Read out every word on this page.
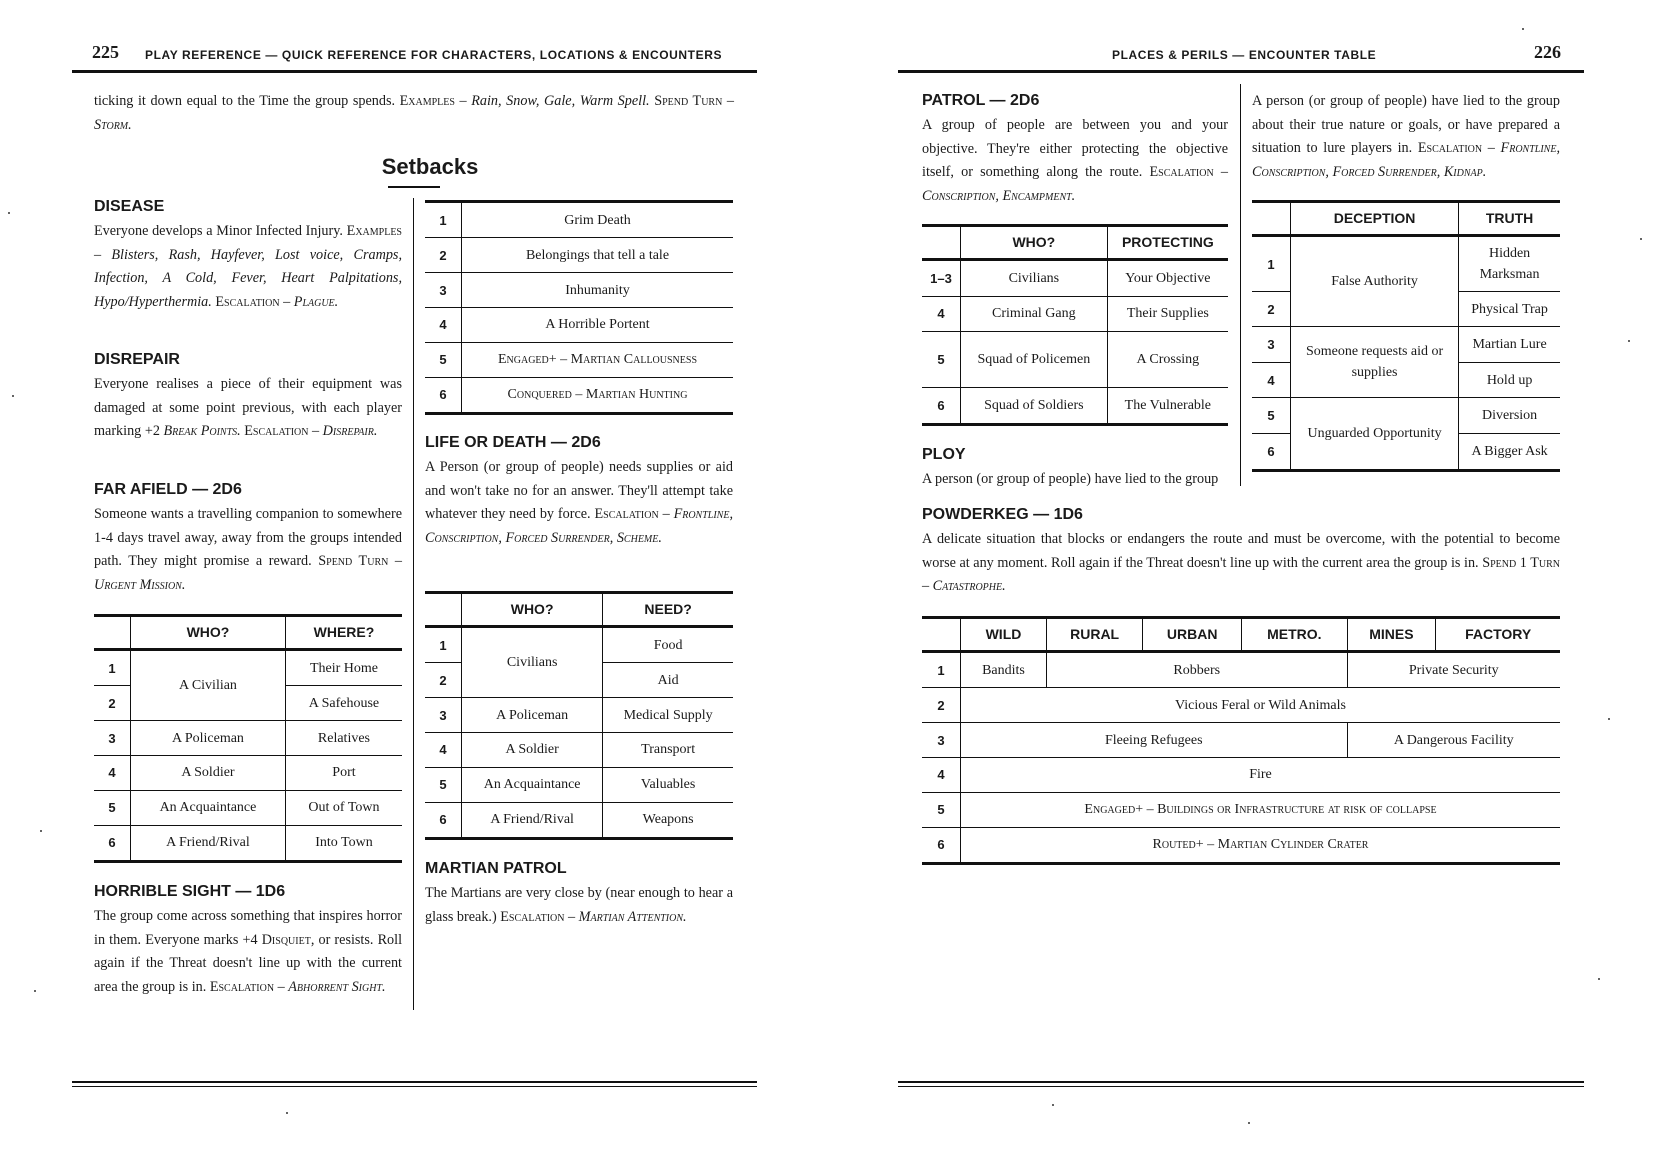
225 PLAY REFERENCE — QUICK REFERENCE FOR CHARACTERS, LOCATIONS & ENCOUNTERS
ticking it down equal to the Time the group spends. Examples – Rain, Snow, Gale, Warm Spell. Spend Turn – Storm.
Setbacks
DISEASE
Everyone develops a Minor Infected Injury. Examples – Blisters, Rash, Hayfever, Lost voice, Cramps, Infection, A Cold, Fever, Heart Palpitations, Hypo/Hyperthermia. Escalation – Plague.
DISREPAIR
Everyone realises a piece of their equipment was damaged at some point previous, with each player marking +2 Break Points. Escalation – Disrepair.
FAR AFIELD — 2D6
Someone wants a travelling companion to somewhere 1-4 days travel away, away from the groups intended path. They might promise a reward. Spend Turn – Urgent Mission.
	WHO?	WHERE?
1	A Civilian	Their Home
2		A Safehouse
3	A Policeman	Relatives
4	A Soldier	Port
5	An Acquaintance	Out of Town
6	A Friend/Rival	Into Town
HORRIBLE SIGHT — 1D6
The group come across something that inspires horror in them. Everyone marks +4 Disquiet, or resists. Roll again if the Threat doesn't line up with the current area the group is in. Escalation – Abhorrent Sight.
1	Grim Death
2	Belongings that tell a tale
3	Inhumanity
4	A Horrible Portent
5	Engaged+ – Martian Callousness
6	Conquered – Martian Hunting
LIFE OR DEATH — 2D6
A Person (or group of people) needs supplies or aid and won't take no for an answer. They'll attempt take whatever they need by force. Escalation – Frontline, Conscription, Forced Surrender, Scheme.
	WHO?	NEED?
1	Civilians	Food
2		Aid
3	A Policeman	Medical Supply
4	A Soldier	Transport
5	An Acquaintance	Valuables
6	A Friend/Rival	Weapons
MARTIAN PATROL
The Martians are very close by (near enough to hear a glass break.) Escalation – Martian Attention.
PLACES & PERILS — ENCOUNTER TABLE	226
PATROL — 2D6
A group of people are between you and your objective. They're either protecting the objective itself, or something along the route. Escalation – Conscription, Encampment.
	WHO?	PROTECTING
1–3	Civilians	Your Objective
4	Criminal Gang	Their Supplies
5	Squad of Policemen	A Crossing
6	Squad of Soldiers	The Vulnerable
PLOY
A person (or group of people) have lied to the group
A person (or group of people) have lied to the group about their true nature or goals, or have prepared a situation to lure players in. Escalation – Frontline, Conscription, Forced Surrender, Kidnap.
	DECEPTION	TRUTH
1	False Authority	Hidden Marksman
2		Physical Trap
3	Someone requests aid or supplies	Martian Lure
4		Hold up
5	Unguarded Opportunity	Diversion
6		A Bigger Ask
POWDERKEG — 1D6
A delicate situation that blocks or endangers the route and must be overcome, with the potential to become worse at any moment. Roll again if the Threat doesn't line up with the current area the group is in. Spend 1 Turn – Catastrophe.
	WILD	RURAL	URBAN	METRO.	MINES	FACTORY
1	Bandits	Robbers			Private Security	
2	Vicious Feral or Wild Animals					
3	Fleeing Refugees				A Dangerous Facility	
4	Fire					
5	Engaged+ – Buildings or Infrastructure at risk of collapse					
6	Routed+ – Martian Cylinder Crater					
